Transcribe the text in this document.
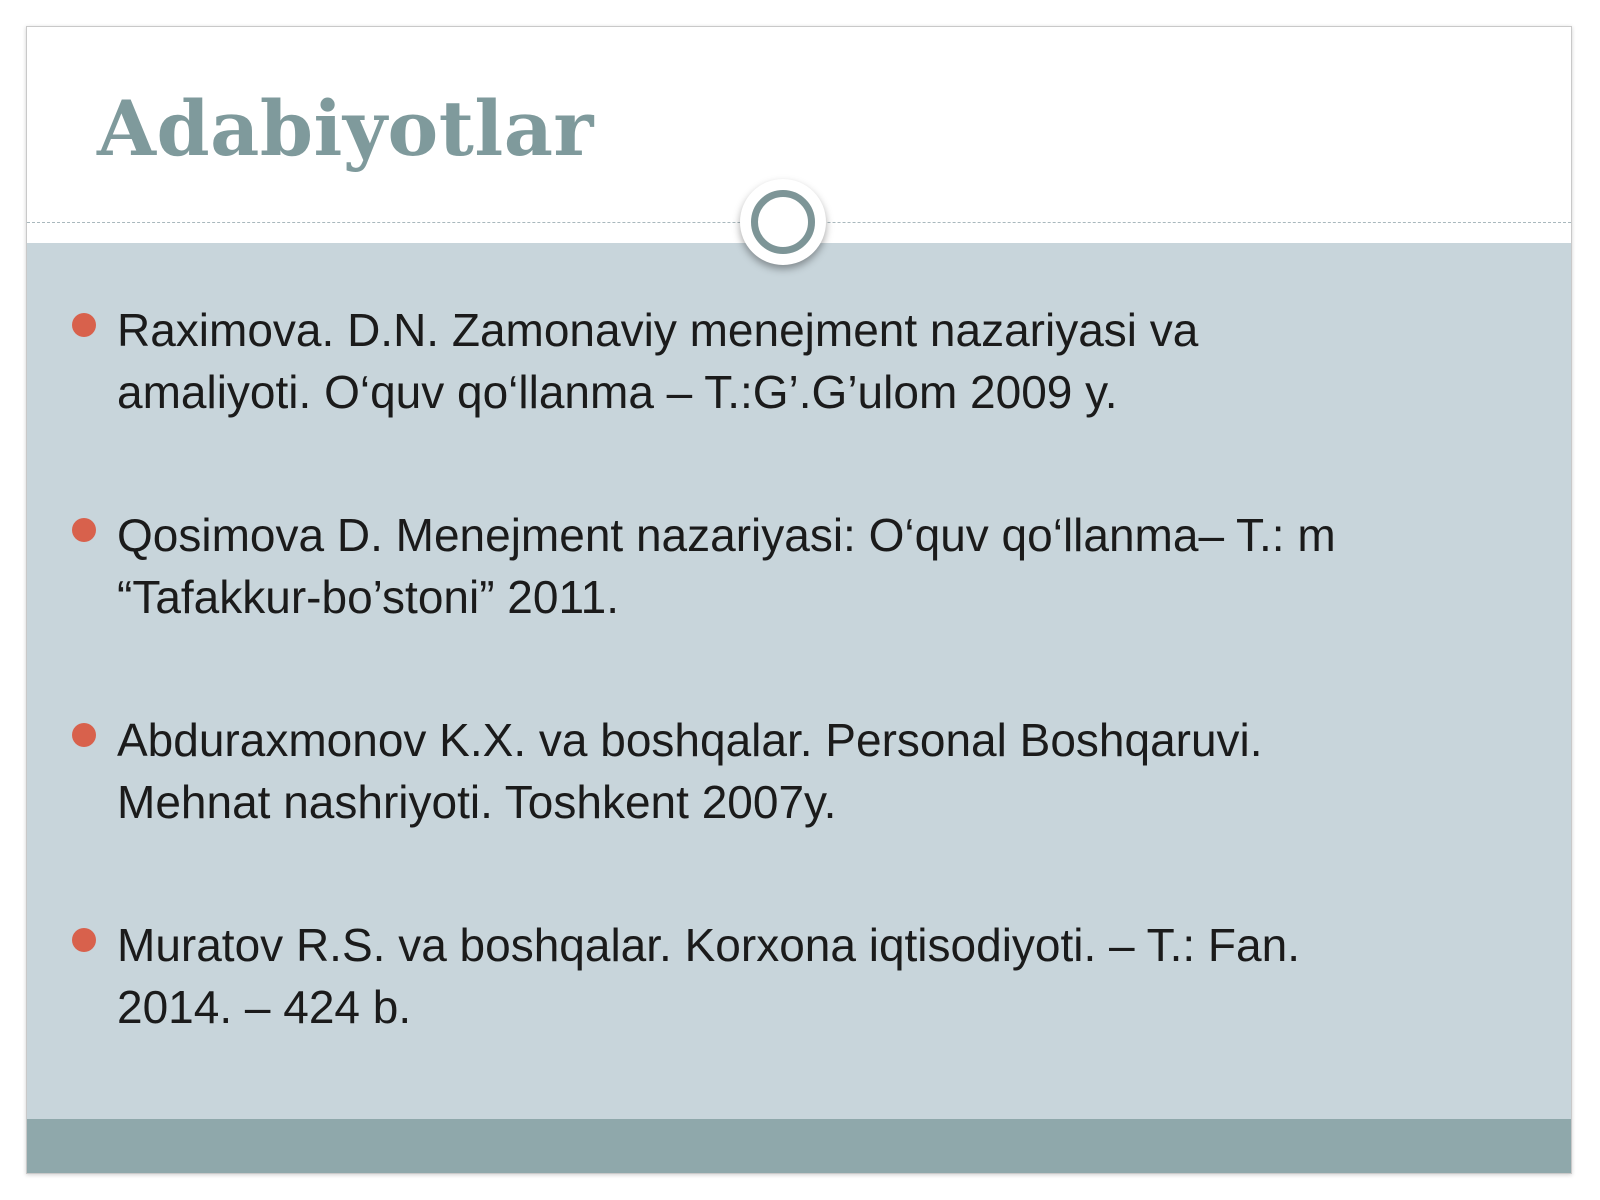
Adabiyotlar
Raximova. D.N. Zamonaviy menejment nazariyasi va
amaliyoti. O‘quv qo‘llanma – T.:G’.G’ulom 2009 y.
Qosimova D. Menejment nazariyasi: O‘quv qo‘llanma– T.: m
“Tafakkur-bo’stoni” 2011.
Abduraxmonov K.X. va boshqalar. Personal Boshqaruvi.
Mehnat nashriyoti. Toshkent 2007y.
Muratov R.S. va boshqalar. Korxona iqtisodiyoti. – T.: Fan.
2014. – 424 b.
